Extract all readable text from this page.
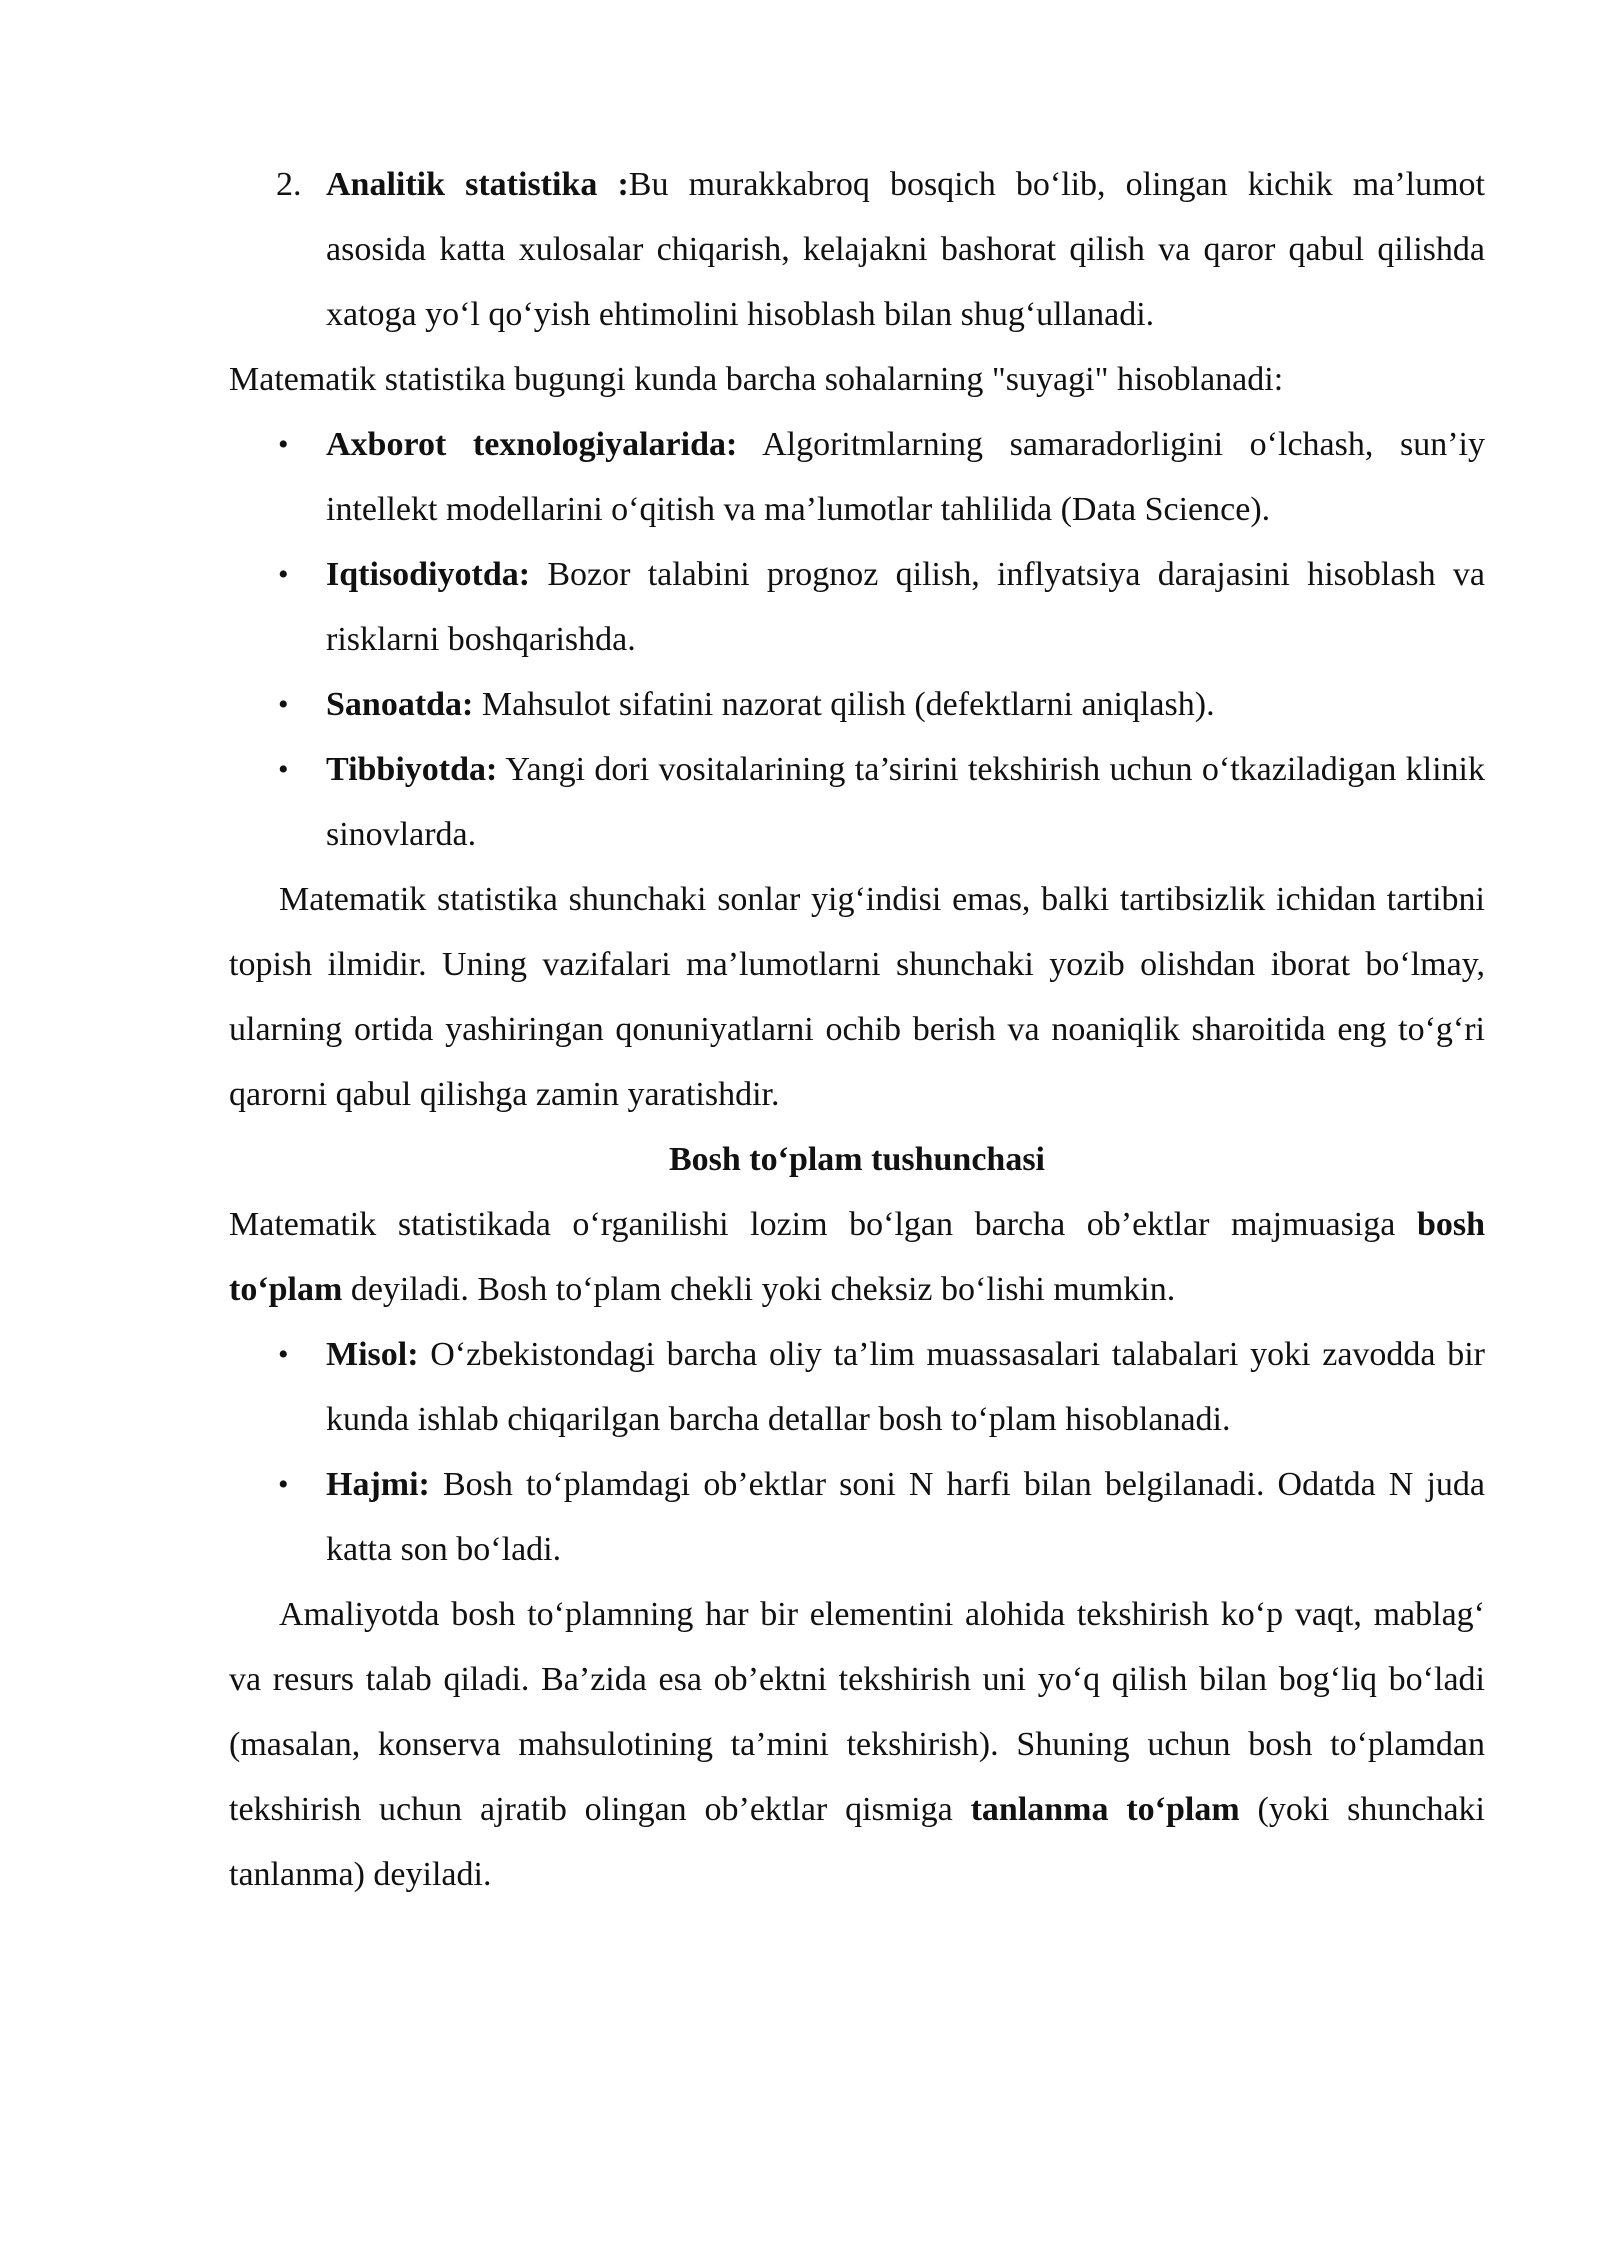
2. Analitik statistika :Bu murakkabroq bosqich bo‘lib, olingan kichik ma’lumot asosida katta xulosalar chiqarish, kelajakni bashorat qilish va qaror qabul qilishda xatoga yo‘l qo‘yish ehtimolini hisoblash bilan shug‘ullanadi.

Matematik statistika bugungi kunda barcha sohalarning "suyagi" hisoblanadi:

• Axborot texnologiyalarida: Algoritmlarning samaradorligini o‘lchash, sun’iy intellekt modellarini o‘qitish va ma’lumotlar tahlilida (Data Science).

• Iqtisodiyotda: Bozor talabini prognoz qilish, inflyatsiya darajasini hisoblash va risklarni boshqarishda.

• Sanoatda: Mahsulot sifatini nazorat qilish (defektlarni aniqlash).

• Tibbiyotda: Yangi dori vositalarining ta’sirini tekshirish uchun o‘tkaziladigan klinik sinovlarda.

Matematik statistika shunchaki sonlar yig‘indisi emas, balki tartibsizlik ichidan tartibni topish ilmidir. Uning vazifalari ma’lumotlarni shunchaki yozib olishdan iborat bo‘lmay, ularning ortida yashiringan qonuniyatlarni ochib berish va noaniqlik sharoitida eng to‘g‘ri qarorni qabul qilishga zamin yaratishdir.

Bosh to‘plam tushunchasi

Matematik statistikada o‘rganilishi lozim bo‘lgan barcha ob’ektlar majmuasiga bosh to‘plam deyiladi. Bosh to‘plam chekli yoki cheksiz bo‘lishi mumkin.

• Misol: O‘zbekistondagi barcha oliy ta’lim muassasalari talabalari yoki zavodda bir kunda ishlab chiqarilgan barcha detallar bosh to‘plam hisoblanadi.

• Hajmi: Bosh to‘plamdagi ob’ektlar soni N harfi bilan belgilanadi. Odatda N juda katta son bo‘ladi.

Amaliyotda bosh to‘plamning har bir elementini alohida tekshirish ko‘p vaqt, mablag‘ va resurs talab qiladi. Ba’zida esa ob’ektni tekshirish uni yo‘q qilish bilan bog‘liq bo‘ladi (masalan, konserva mahsulotining ta’mini tekshirish). Shuning uchun bosh to‘plamdan tekshirish uchun ajratib olingan ob’ektlar qismiga tanlanma to‘plam (yoki shunchaki tanlanma) deyiladi.
